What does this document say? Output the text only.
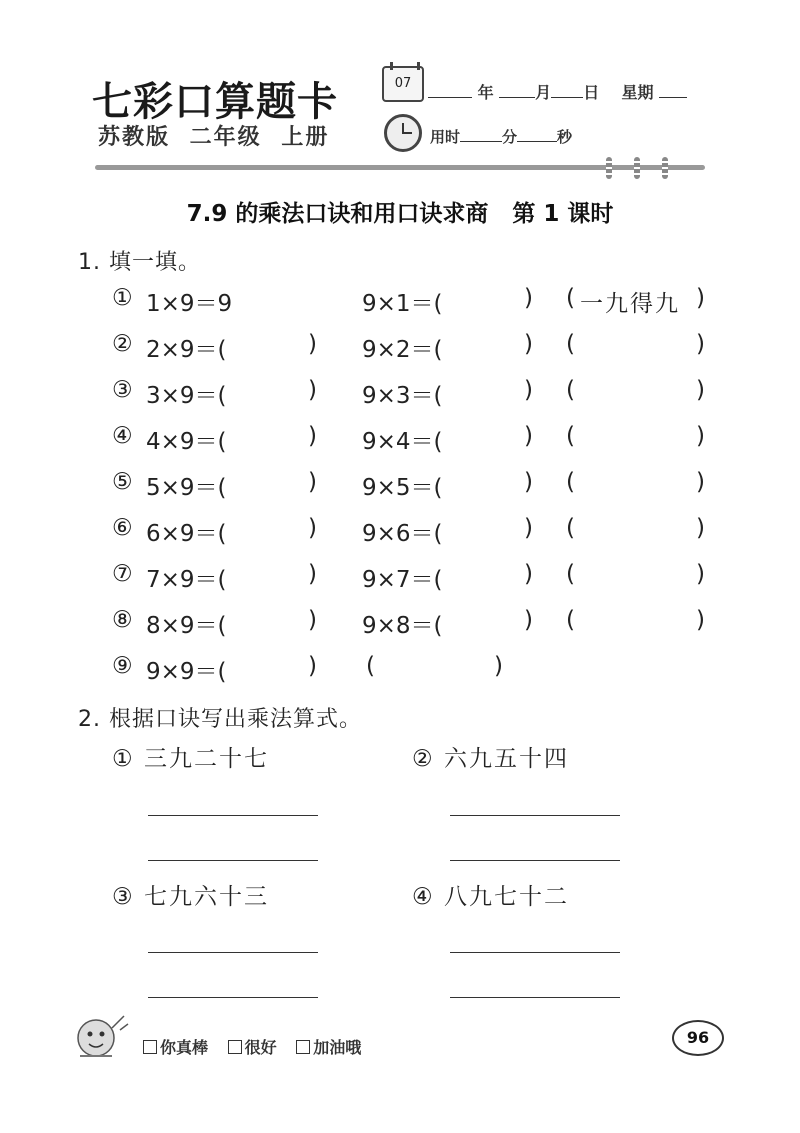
七彩口算题卡
苏教版 二年级 上册
07	年	月 日 星期
用时	分	秒
7.9 的乘法口诀和用口诀求商   第 1 课时
1. 填一填。
① 1×9＝9	9×1＝(	) ( 一九得九 )
② 2×9＝(	) 9×2＝(	) (	)
③ 3×9＝(	) 9×3＝(	) (	)
④ 4×9＝(	) 9×4＝(	) (	)
⑤ 5×9＝(	) 9×5＝(	) (	)
⑥ 6×9＝(	) 9×6＝(	) (	)
⑦ 7×9＝(	) 9×7＝(	) (	)
⑧ 8×9＝(	) 9×8＝(	) (	)
⑨ 9×9＝(	) (	)
2. 根据口诀写出乘法算式。
① 三九二十七	② 六九五十四
③ 七九六十三	④ 八九七十二
你真棒 很好 加油哦
96
